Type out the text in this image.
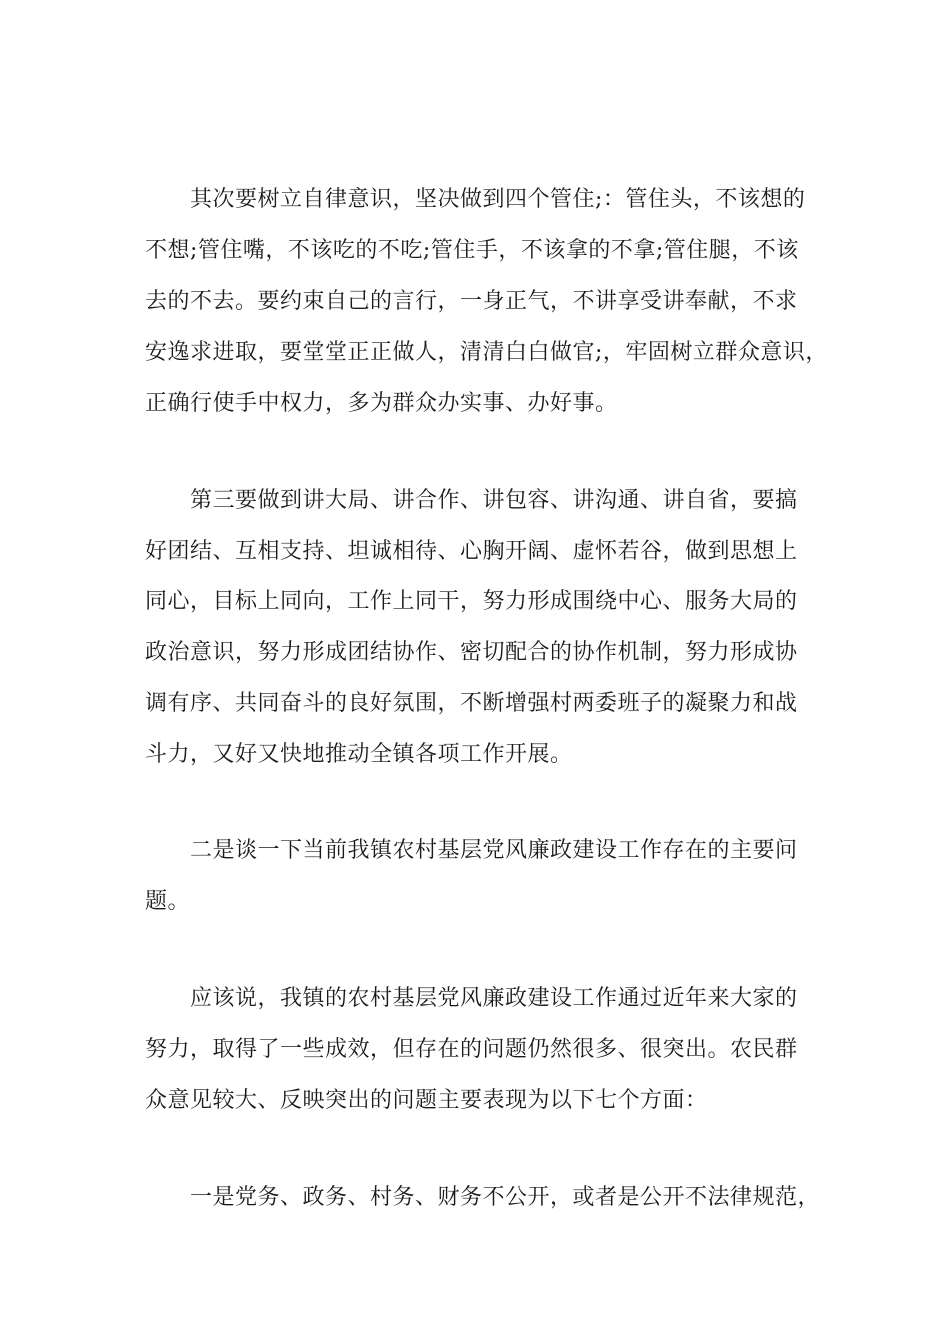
其次要树立自律意识，坚决做到四个管住;：管住头，不该想的

不想;管住嘴，不该吃的不吃;管住手，不该拿的不拿;管住腿，不该

去的不去。要约束自己的言行，一身正气，不讲享受讲奉献，不求

安逸求进取，要堂堂正正做人，清清白白做官;，牢固树立群众意识，

正确行使手中权力，多为群众办实事、办好事。

第三要做到讲大局、讲合作、讲包容、讲沟通、讲自省，要搞

好团结、互相支持、坦诚相待、心胸开阔、虚怀若谷，做到思想上

同心，目标上同向，工作上同干，努力形成围绕中心、服务大局的

政治意识，努力形成团结协作、密切配合的协作机制，努力形成协

调有序、共同奋斗的良好氛围，不断增强村两委班子的凝聚力和战

斗力，又好又快地推动全镇各项工作开展。

二是谈一下当前我镇农村基层党风廉政建设工作存在的主要问

题。

应该说，我镇的农村基层党风廉政建设工作通过近年来大家的

努力，取得了一些成效，但存在的问题仍然很多、很突出。农民群

众意见较大、反映突出的问题主要表现为以下七个方面：

一是党务、政务、村务、财务不公开，或者是公开不法律规范，
